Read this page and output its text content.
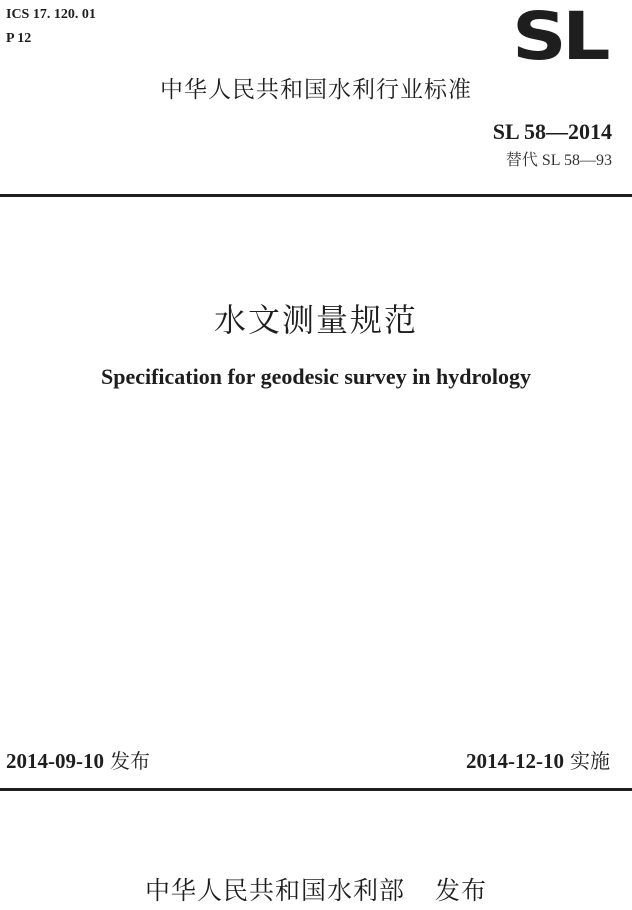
ICS 17. 120. 01
P 12	SL
中华人民共和国水利行业标准
SL 58—2014
替代 SL 58—93
水文测量规范
Specification for geodesic survey in hydrology
2014-09-10 发布	2014-12-10 实施
中华人民共和国水利部 发布
